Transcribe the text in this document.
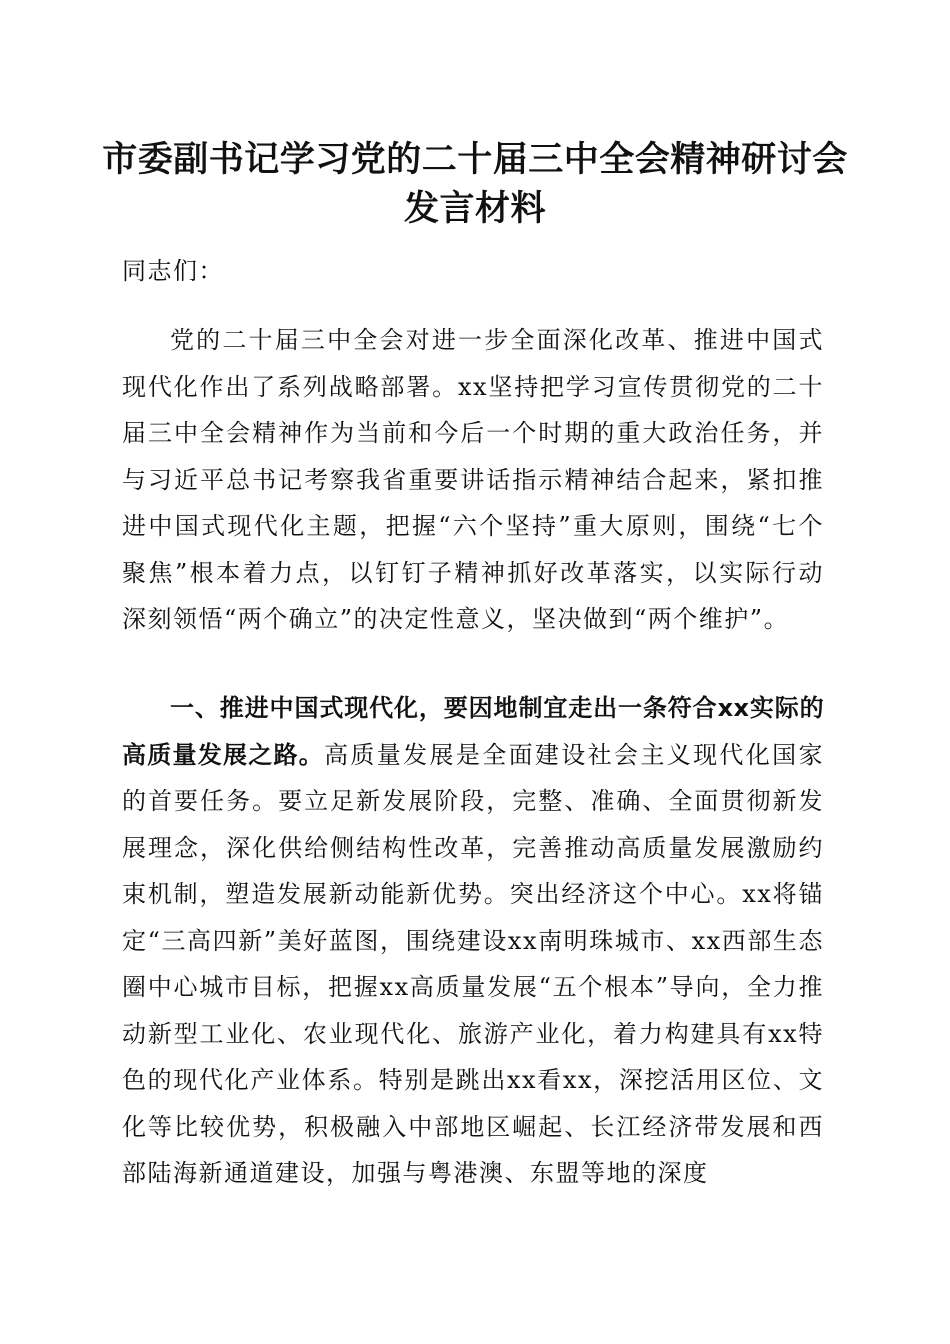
市委副书记学习党的二十届三中全会精神研讨会发言材料

同志们：

党的二十届三中全会对进一步全面深化改革、推进中国式现代化作出了系列战略部署。xx坚持把学习宣传贯彻党的二十届三中全会精神作为当前和今后一个时期的重大政治任务，并与习近平总书记考察我省重要讲话指示精神结合起来，紧扣推进中国式现代化主题，把握“六个坚持”重大原则，围绕“七个聚焦”根本着力点，以钉钉子精神抓好改革落实，以实际行动深刻领悟“两个确立”的决定性意义，坚决做到“两个维护”。

一、推进中国式现代化，要因地制宜走出一条符合xx实际的高质量发展之路。高质量发展是全面建设社会主义现代化国家的首要任务。要立足新发展阶段，完整、准确、全面贯彻新发展理念，深化供给侧结构性改革，完善推动高质量发展激励约束机制，塑造发展新动能新优势。突出经济这个中心。xx将锚定“三高四新”美好蓝图，围绕建设xx南明珠城市、xx西部生态圈中心城市目标，把握xx高质量发展“五个根本”导向，全力推动新型工业化、农业现代化、旅游产业化，着力构建具有xx特色的现代化产业体系。特别是跳出xx看xx，深挖活用区位、文化等比较优势，积极融入中部地区崛起、长江经济带发展和西部陆海新通道建设，加强与粤港澳、东盟等地的深度
